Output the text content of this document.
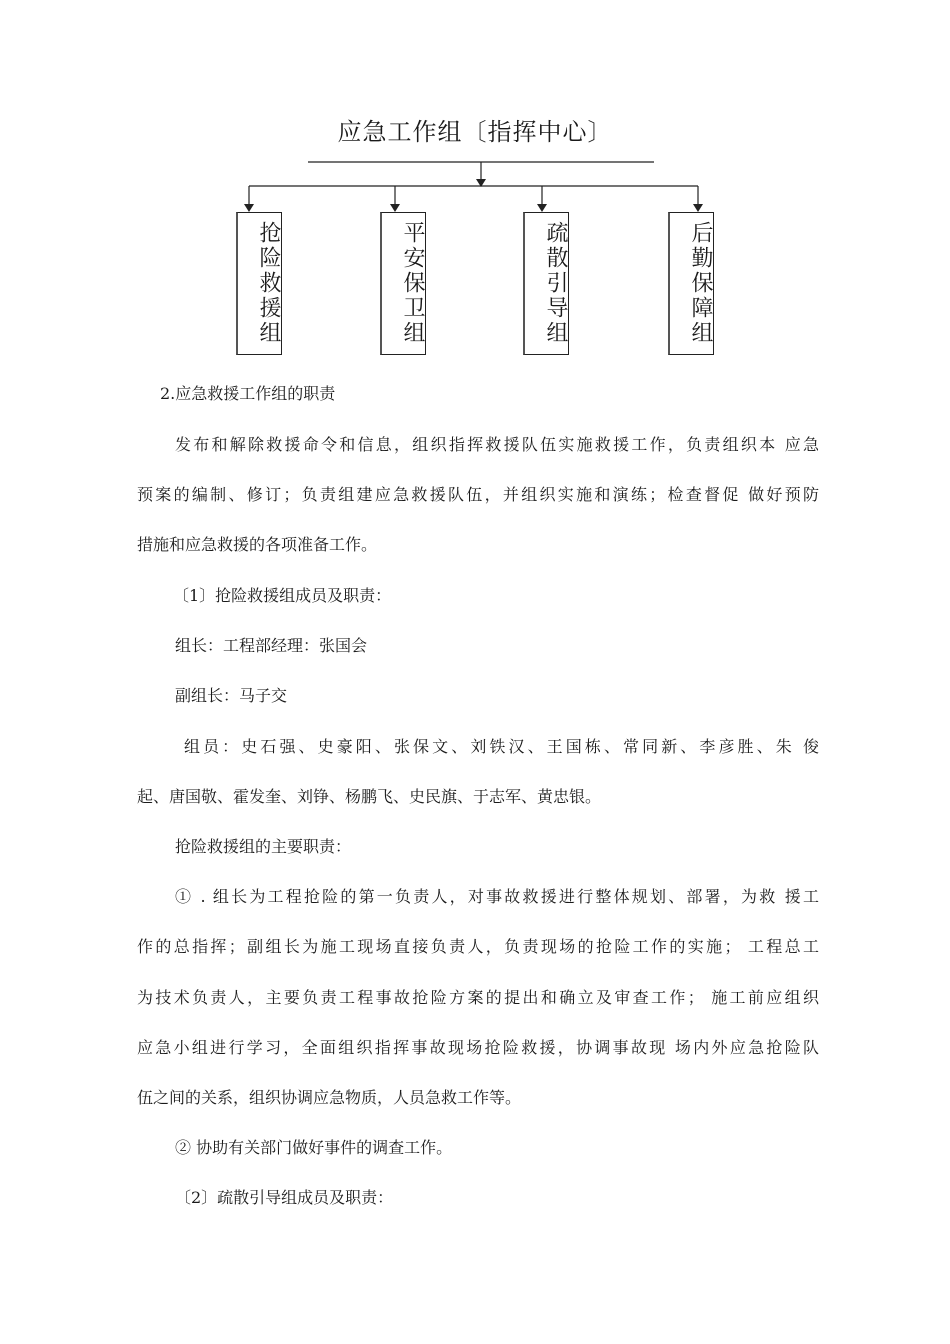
应急工作组〔指挥中心〕
抢险救援组	平安保卫组	疏散引导组	后勤保障组
2.应急救援工作组的职责
发布和解除救援命令和信息，组织指挥救援队伍实施救援工作，负责组织本 应急
预案的编制、修订；负责组建应急救援队伍，并组织实施和演练；检查督促 做好预防
措施和应急救援的各项准备工作。
〔1〕抢险救援组成员及职责：
组长：工程部经理：张国会
副组长：马子交
组员：史石强、史豪阳、张保文、刘铁汉、王国栋、常同新、李彦胜、朱 俊
起、唐国敬、霍发奎、刘铮、杨鹏飞、史民旗、于志军、黄忠银。
抢险救援组的主要职责：
① . 组长为工程抢险的第一负责人，对事故救援进行整体规划、部署，为救 援工
作的总指挥；副组长为施工现场直接负责人，负责现场的抢险工作的实施； 工程总工
为技术负责人，主要负责工程事故抢险方案的提出和确立及审查工作； 施工前应组织
应急小组进行学习，全面组织指挥事故现场抢险救援，协调事故现 场内外应急抢险队
伍之间的关系，组织协调应急物质，人员急救工作等。
② 协助有关部门做好事件的调查工作。
〔2〕疏散引导组成员及职责：
